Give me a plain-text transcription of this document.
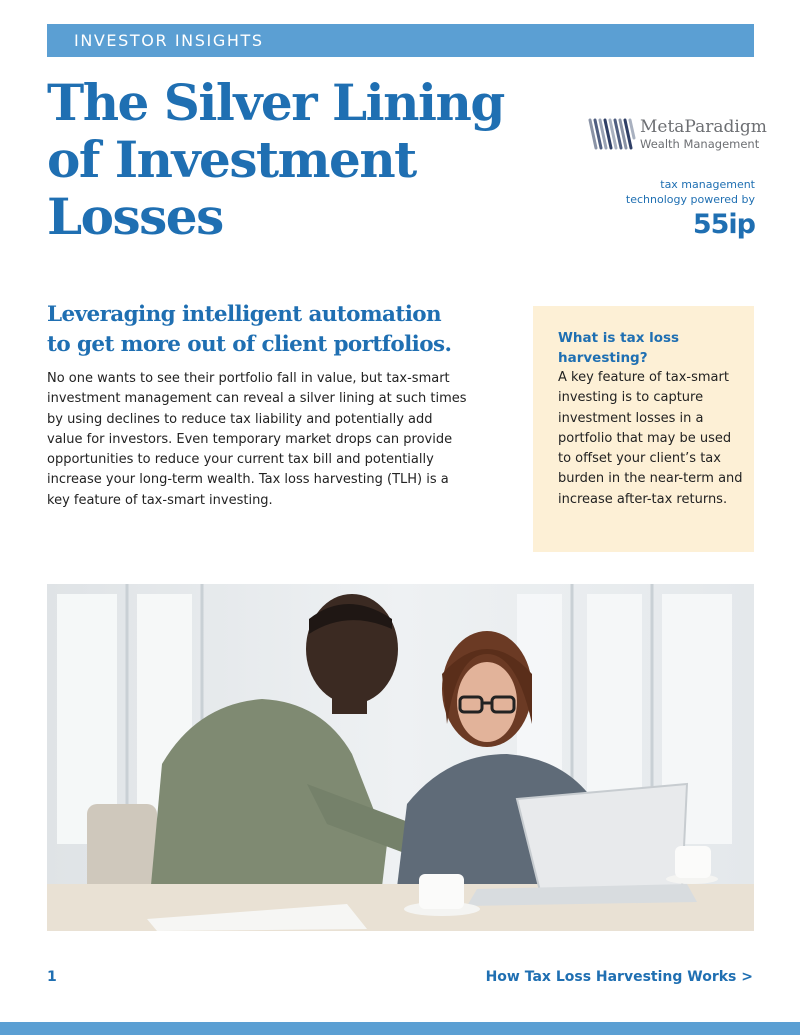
INVESTOR INSIGHTS
The Silver Lining
of Investment
Losses
MetaParadigm
Wealth Management
tax management
technology powered by
55ip
Leveraging intelligent automation
to get more out of client portfolios.

No one wants to see their portfolio fall in value, but tax-smart investment management can reveal a silver lining at such times by using declines to reduce tax liability and potentially add value for investors. Even temporary market drops can provide opportunities to reduce your current tax bill and potentially increase your long-term wealth. Tax loss harvesting (TLH) is a key feature of tax-smart investing.

What is tax loss harvesting?
A key feature of tax-smart investing is to capture investment losses in a portfolio that may be used to offset your client’s tax burden in the near-term and increase after-tax returns.
1	How Tax Loss Harvesting Works >
